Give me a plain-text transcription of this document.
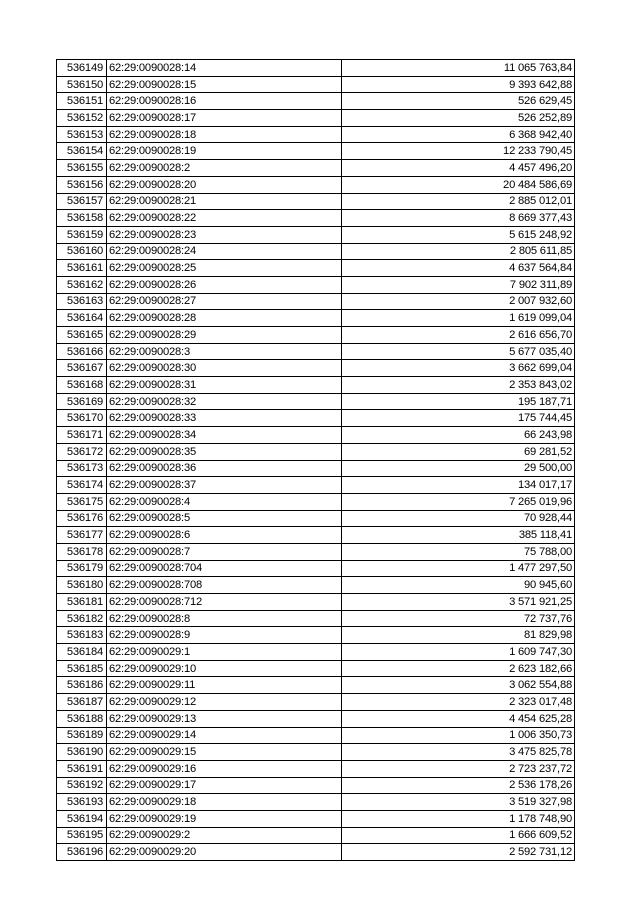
536149	62:29:0090028:14	11 065 763,84
536150	62:29:0090028:15	9 393 642,88
536151	62:29:0090028:16	526 629,45
536152	62:29:0090028:17	526 252,89
536153	62:29:0090028:18	6 368 942,40
536154	62:29:0090028:19	12 233 790,45
536155	62:29:0090028:2	4 457 496,20
536156	62:29:0090028:20	20 484 586,69
536157	62:29:0090028:21	2 885 012,01
536158	62:29:0090028:22	8 669 377,43
536159	62:29:0090028:23	5 615 248,92
536160	62:29:0090028:24	2 805 611,85
536161	62:29:0090028:25	4 637 564,84
536162	62:29:0090028:26	7 902 311,89
536163	62:29:0090028:27	2 007 932,60
536164	62:29:0090028:28	1 619 099,04
536165	62:29:0090028:29	2 616 656,70
536166	62:29:0090028:3	5 677 035,40
536167	62:29:0090028:30	3 662 699,04
536168	62:29:0090028:31	2 353 843,02
536169	62:29:0090028:32	195 187,71
536170	62:29:0090028:33	175 744,45
536171	62:29:0090028:34	66 243,98
536172	62:29:0090028:35	69 281,52
536173	62:29:0090028:36	29 500,00
536174	62:29:0090028:37	134 017,17
536175	62:29:0090028:4	7 265 019,96
536176	62:29:0090028:5	70 928,44
536177	62:29:0090028:6	385 118,41
536178	62:29:0090028:7	75 788,00
536179	62:29:0090028:704	1 477 297,50
536180	62:29:0090028:708	90 945,60
536181	62:29:0090028:712	3 571 921,25
536182	62:29:0090028:8	72 737,76
536183	62:29:0090028:9	81 829,98
536184	62:29:0090029:1	1 609 747,30
536185	62:29:0090029:10	2 623 182,66
536186	62:29:0090029:11	3 062 554,88
536187	62:29:0090029:12	2 323 017,48
536188	62:29:0090029:13	4 454 625,28
536189	62:29:0090029:14	1 006 350,73
536190	62:29:0090029:15	3 475 825,78
536191	62:29:0090029:16	2 723 237,72
536192	62:29:0090029:17	2 536 178,26
536193	62:29:0090029:18	3 519 327,98
536194	62:29:0090029:19	1 178 748,90
536195	62:29:0090029:2	1 666 609,52
536196	62:29:0090029:20	2 592 731,12
